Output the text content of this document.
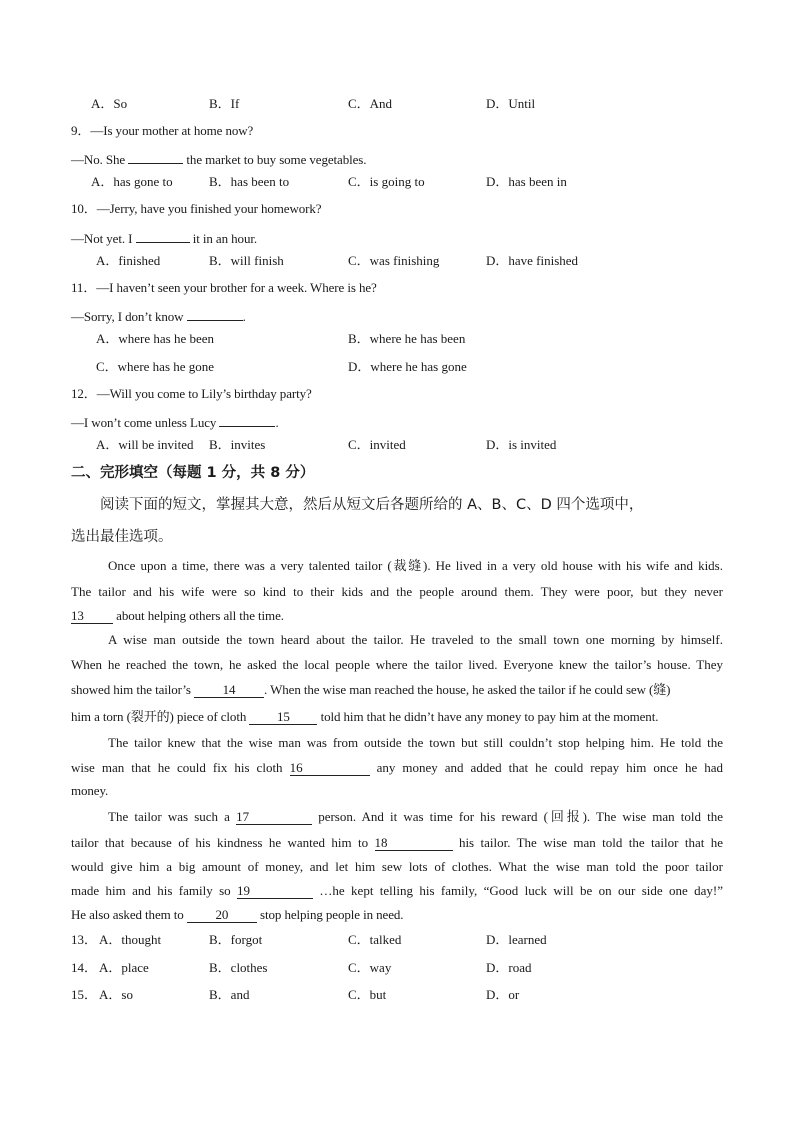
A．So	B．If	C．And	D．Until
9．—Is your mother at home now?
—No. She	the market to buy some vegetables.
A．has gone to	B．has been to	C．is going to	D．has been in
10．—Jerry, have you finished your homework?
—Not yet. I	it in an hour.
A．finished	B．will finish	C．was finishing	D．have finished
11．—I haven’t seen your brother for a week. Where is he?
—Sorry, I don’t know	.
A．where has he been	B．where he has been
C．where has he gone	D．where he has gone
12．—Will you come to Lily’s birthday party?
—I won’t come unless Lucy	.
A．will be invited B．invites	C．invited	D．is invited
二、完形填空（每题 1 分，共 8 分）
阅读下面的短文，掌握其大意，然后从短文后各题所给的 A、B、C、D 四个选项中，
选出最佳选项。
Once upon a time, there was a very talented tailor (裁缝). He lived in a very old house with his wife and kids.
The tailor and his wife were so kind to their kids and the people around them. They were poor, but they never
13 about helping others all the time.
A wise man outside the town heard about the tailor. He traveled to the small town one morning by himself.
When he reached the town, he asked the local people where the tailor lived. Everyone knew the tailor’s house. They
showed him the tailor’s 14 . When the wise man reached the house, he asked the tailor if he could sew (缝)
him a torn (裂开的) piece of cloth 15 told him that he didn’t have any money to pay him at the moment.
The tailor knew that the wise man was from outside the town but still couldn’t stop helping him. He told the
wise man that he could fix his cloth 16	any money and added that he could repay him once he had
money.
The tailor was such a 17	person. And it was time for his reward (回报). The wise man told the
tailor that because of his kindness he wanted him to 18	his tailor. The wise man told the tailor that he
would give him a big amount of money, and let him sew lots of clothes. What the wise man told the poor tailor
made him and his family so 19	…he kept telling his family, “Good luck will be on our side one day!”
He also asked them to 20 stop helping people in need.
13． A．thought	B．forgot	C．talked	D．learned
14． A．place	B．clothes	C．way	D．road
15． A．so	B．and	C．but	D．or
